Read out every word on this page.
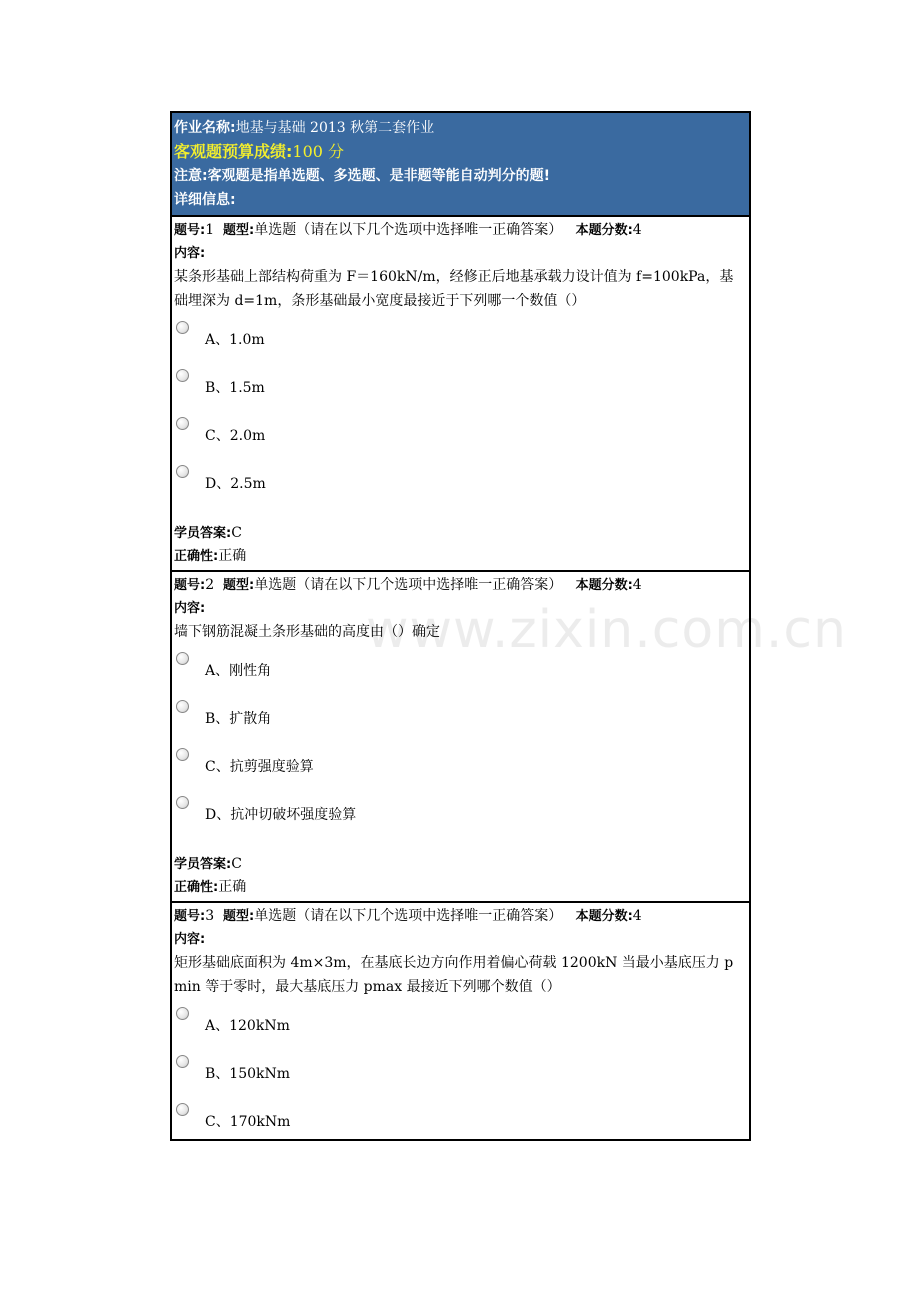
www.zixin.com.cn
作业名称:地基与基础 2013 秋第二套作业
客观题预算成绩:100 分
注意:客观题是指单选题、多选题、是非题等能自动判分的题!
详细信息:
题号:1 题型:单选题（请在以下几个选项中选择唯一正确答案） 本题分数:4
内容:
某条形基础上部结构荷重为 F＝160kN/m，经修正后地基承载力设计值为 f=100kPa，基础埋深为 d=1m，条形基础最小宽度最接近于下列哪一个数值（）
A、1.0m
B、1.5m
C、2.0m
D、2.5m
学员答案:C
正确性:正确
题号:2 题型:单选题（请在以下几个选项中选择唯一正确答案） 本题分数:4
内容:
墙下钢筋混凝土条形基础的高度由（）确定
A、刚性角
B、扩散角
C、抗剪强度验算
D、抗冲切破坏强度验算
学员答案:C
正确性:正确
题号:3 题型:单选题（请在以下几个选项中选择唯一正确答案） 本题分数:4
内容:
矩形基础底面积为 4m×3m，在基底长边方向作用着偏心荷载 1200kN 当最小基底压力 pmin 等于零时，最大基底压力 pmax 最接近下列哪个数值（）
A、120kNm
B、150kNm
C、170kNm
